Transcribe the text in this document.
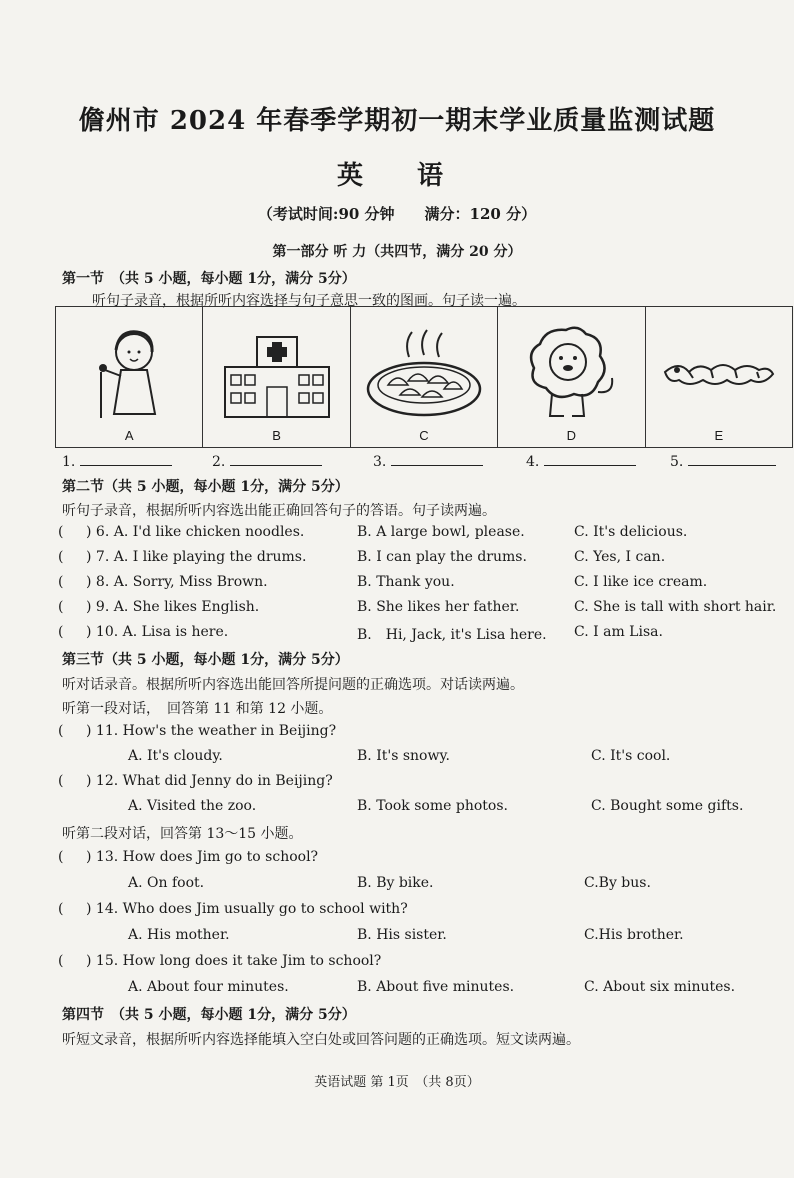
儋州市 2024 年春季学期初一期末学业质量监测试题
英　语
（考试时间:90 分钟　　满分：120 分）
第一部分 听 力（共四节，满分 20 分）
第一节　（共 5 小题，每小题 1分，满分 5分）
听句子录音，根据所听内容选择与句子意思一致的图画。句子读一遍。
A	B	C	D	E
1.	2.	3.	4.	5.
第二节（共 5 小题，每小题 1分，满分 5分）
听句子录音，根据所听内容选出能正确回答句子的答语。句子读两遍。
( ) 6. A. I'd like chicken noodles.	B. A large bowl, please.	C. It's delicious.
( ) 7. A. I like playing the drums.	B. I can play the drums.	C. Yes, I can.
( ) 8. A. Sorry, Miss Brown.	B. Thank you.	C. I like ice cream.
( ) 9. A. She likes English.	B. She likes her father.	C. She is tall with short hair.
( ) 10. A. Lisa is here.	B.　Hi, Jack, it's Lisa here. C. I am Lisa.
第三节（共 5 小题，每小题 1分，满分 5分）
听对话录音。根据所听内容选出能回答所提问题的正确选项。对话读两遍。
听第一段对话，　回答第 11 和第 12 小题。
( ) 11. How's the weather in Beijing?
A. It's cloudy.	B. It's snowy.	C. It's cool.
( ) 12. What did Jenny do in Beijing?
A. Visited the zoo.	B. Took some photos.	C. Bought some gifts.
听第二段对话，回答第 13～15 小题。
( ) 13. How does Jim go to school?
A. On foot.	B. By bike.	C.By bus.
( ) 14. Who does Jim usually go to school with?
A. His mother.	B. His sister.	C.His brother.
( ) 15. How long does it take Jim to school?
A. About four minutes.	B. About five minutes.	C. About six minutes.
第四节　（共 5 小题，每小题 1分，满分 5分）
听短文录音，根据所听内容选择能填入空白处或回答问题的正确选项。短文读两遍。
英语试题 第 1页　（共 8页）
